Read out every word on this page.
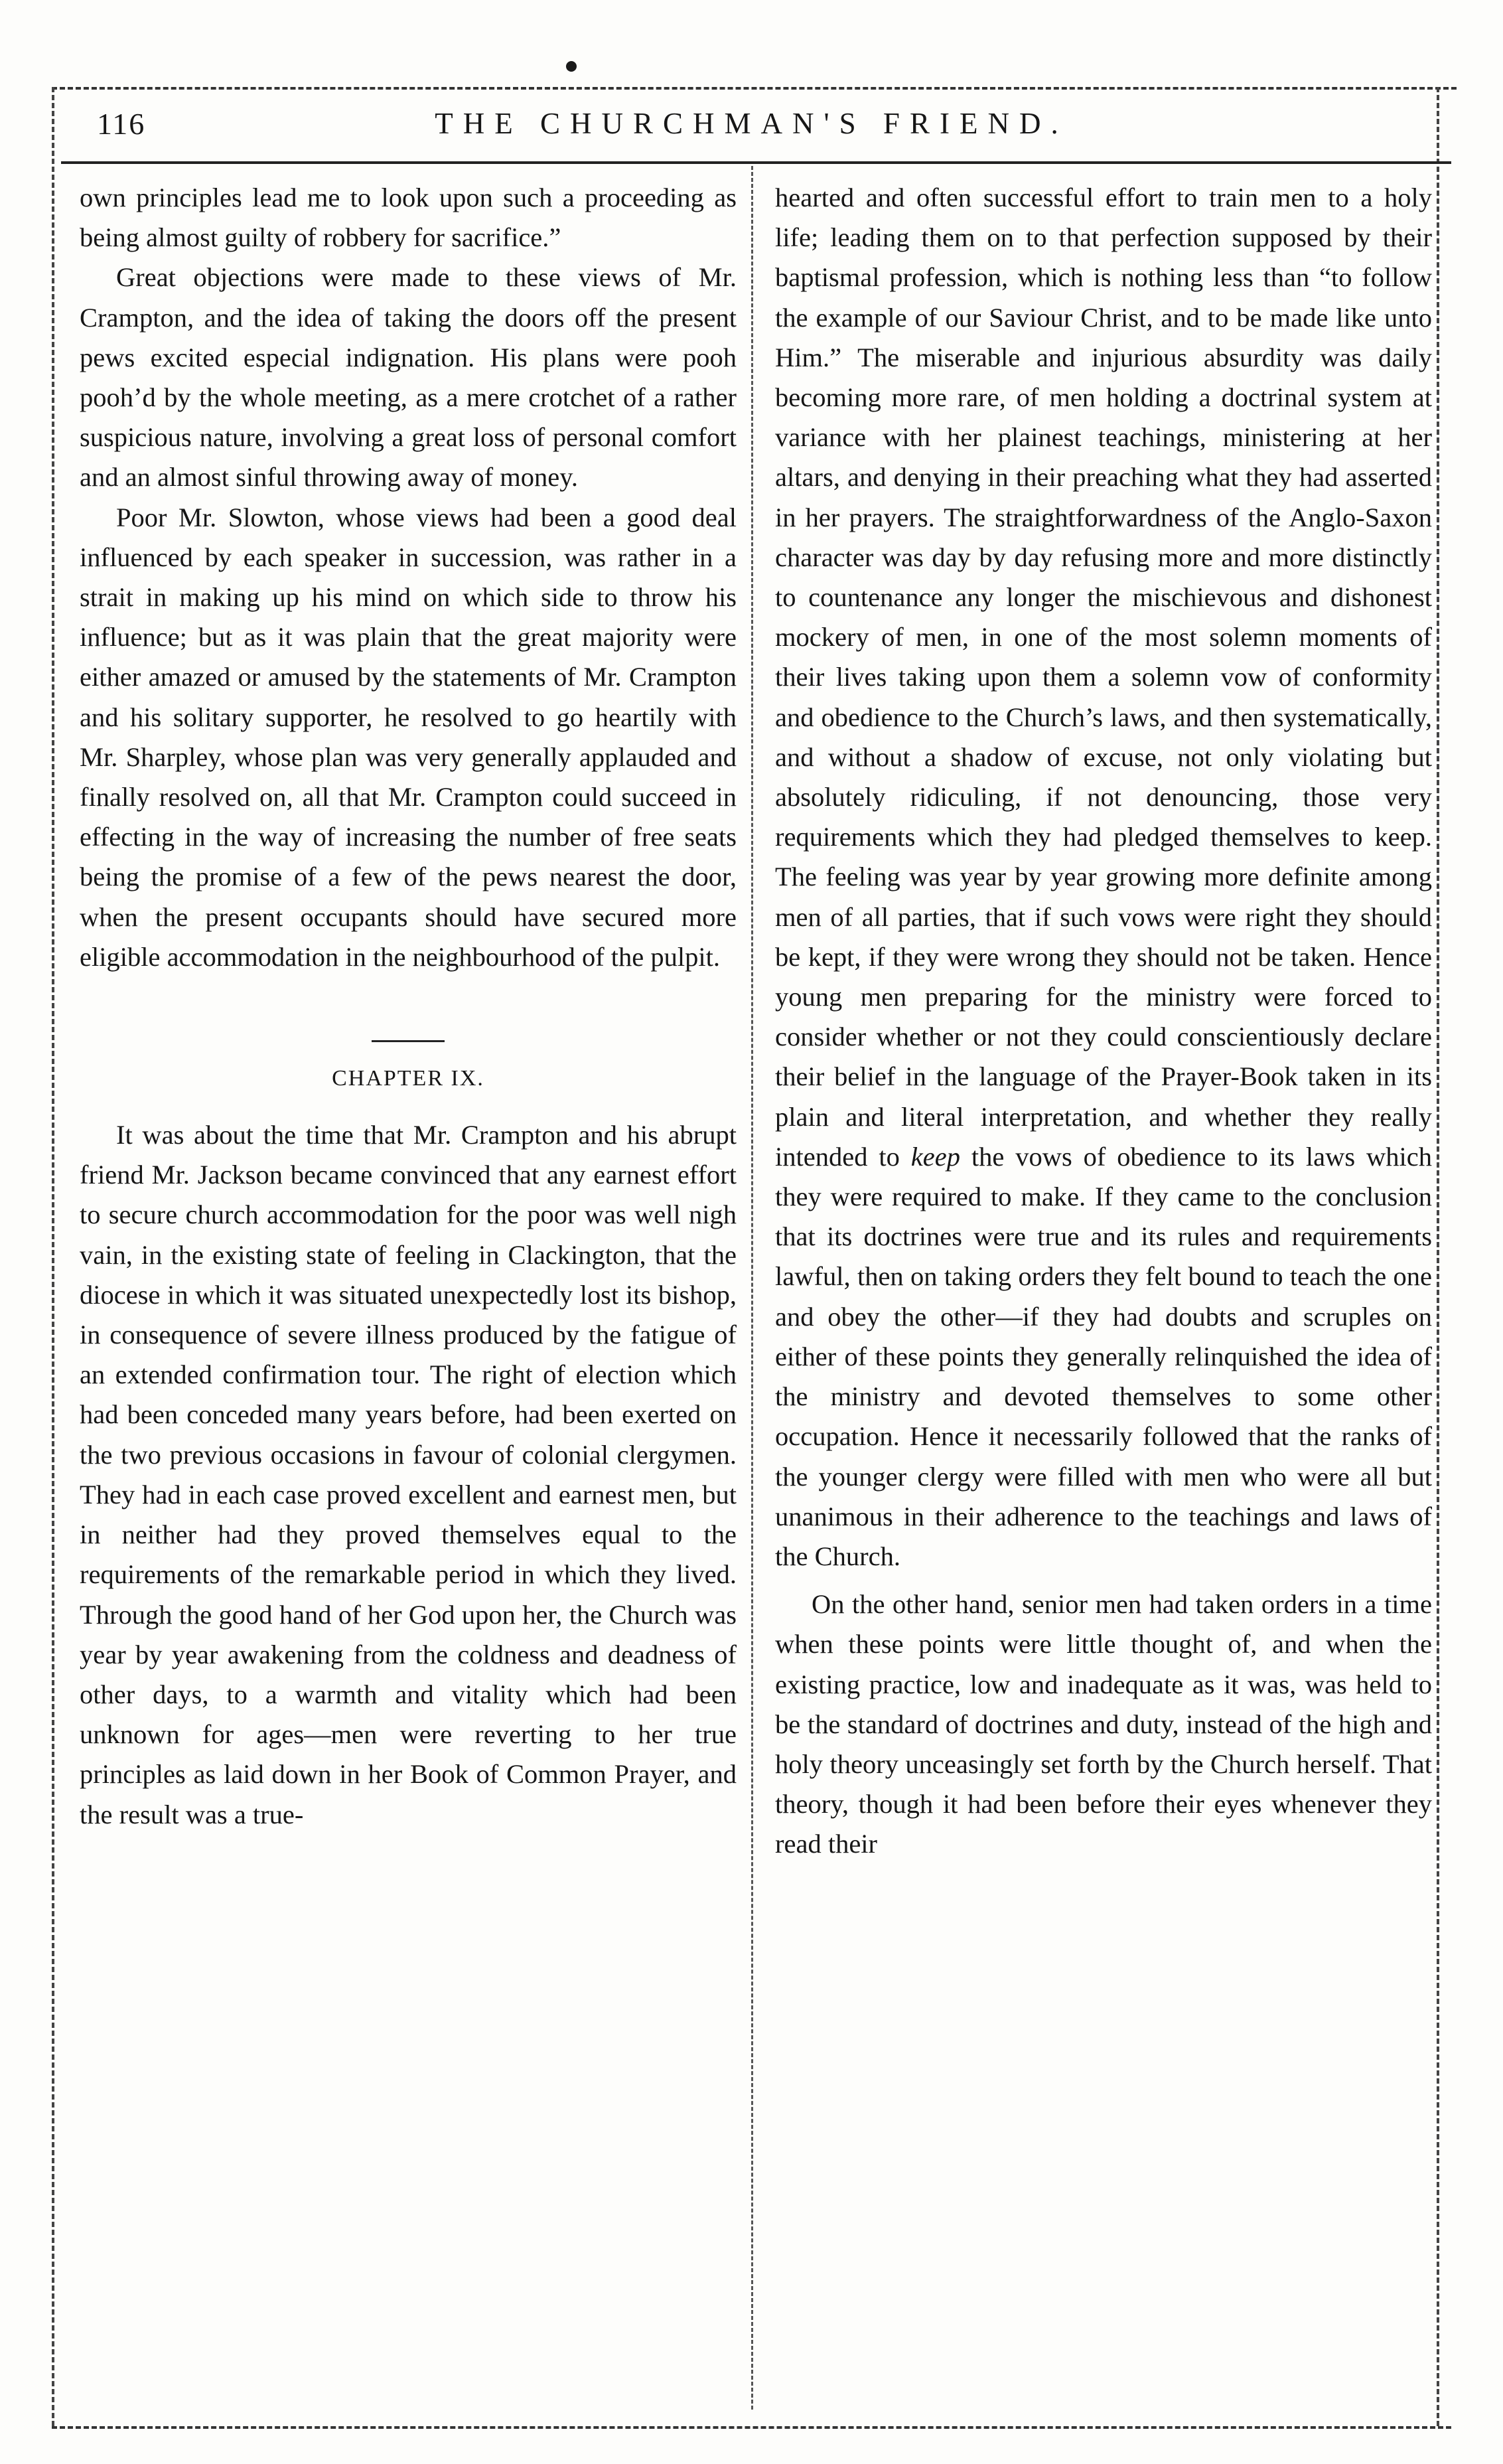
116	THE CHURCHMAN'S FRIEND.

own principles lead me to look upon such a proceeding as being almost guilty of robbery for sacrifice.”

Great objections were made to these views of Mr. Crampton, and the idea of taking the doors off the present pews excited especial indignation. His plans were pooh pooh’d by the whole meeting, as a mere crotchet of a rather suspicious nature, involving a great loss of personal comfort and an almost sinful throwing away of money.

Poor Mr. Slowton, whose views had been a good deal influenced by each speaker in succession, was rather in a strait in making up his mind on which side to throw his influence; but as it was plain that the great majority were either amazed or amused by the statements of Mr. Crampton and his solitary supporter, he resolved to go heartily with Mr. Sharpley, whose plan was very generally applauded and finally resolved on, all that Mr. Crampton could succeed in effecting in the way of increasing the number of free seats being the promise of a few of the pews nearest the door, when the present occupants should have secured more eligible accommodation in the neighbourhood of the pulpit.

CHAPTER IX.

It was about the time that Mr. Crampton and his abrupt friend Mr. Jackson became convinced that any earnest effort to secure church accommodation for the poor was well nigh vain, in the existing state of feeling in Clackington, that the diocese in which it was situated unexpectedly lost its bishop, in consequence of severe illness produced by the fatigue of an extended confirmation tour. The right of election which had been conceded many years before, had been exerted on the two previous occasions in favour of colonial clergymen. They had in each case proved excellent and earnest men, but in neither had they proved themselves equal to the requirements of the remarkable period in which they lived. Through the good hand of her God upon her, the Church was year by year awakening from the coldness and deadness of other days, to a warmth and vitality which had been unknown for ages—men were reverting to her true principles as laid down in her Book of Common Prayer, and the result was a true-

hearted and often successful effort to train men to a holy life; leading them on to that perfection supposed by their baptismal profession, which is nothing less than “to follow the example of our Saviour Christ, and to be made like unto Him.” The miserable and injurious absurdity was daily becoming more rare, of men holding a doctrinal system at variance with her plainest teachings, ministering at her altars, and denying in their preaching what they had asserted in her prayers. The straightforwardness of the Anglo-Saxon character was day by day refusing more and more distinctly to countenance any longer the mischievous and dishonest mockery of men, in one of the most solemn moments of their lives taking upon them a solemn vow of conformity and obedience to the Church’s laws, and then systematically, and without a shadow of excuse, not only violating but absolutely ridiculing, if not denouncing, those very requirements which they had pledged themselves to keep. The feeling was year by year growing more definite among men of all parties, that if such vows were right they should be kept, if they were wrong they should not be taken. Hence young men preparing for the ministry were forced to consider whether or not they could conscientiously declare their belief in the language of the Prayer-Book taken in its plain and literal interpretation, and whether they really intended to keep the vows of obedience to its laws which they were required to make. If they came to the conclusion that its doctrines were true and its rules and requirements lawful, then on taking orders they felt bound to teach the one and obey the other—if they had doubts and scruples on either of these points they generally relinquished the idea of the ministry and devoted themselves to some other occupation. Hence it necessarily followed that the ranks of the younger clergy were filled with men who were all but unanimous in their adherence to the teachings and laws of the Church.

On the other hand, senior men had taken orders in a time when these points were little thought of, and when the existing practice, low and inadequate as it was, was held to be the standard of doctrines and duty, instead of the high and holy theory unceasingly set forth by the Church herself. That theory, though it had been before their eyes whenever they read their
